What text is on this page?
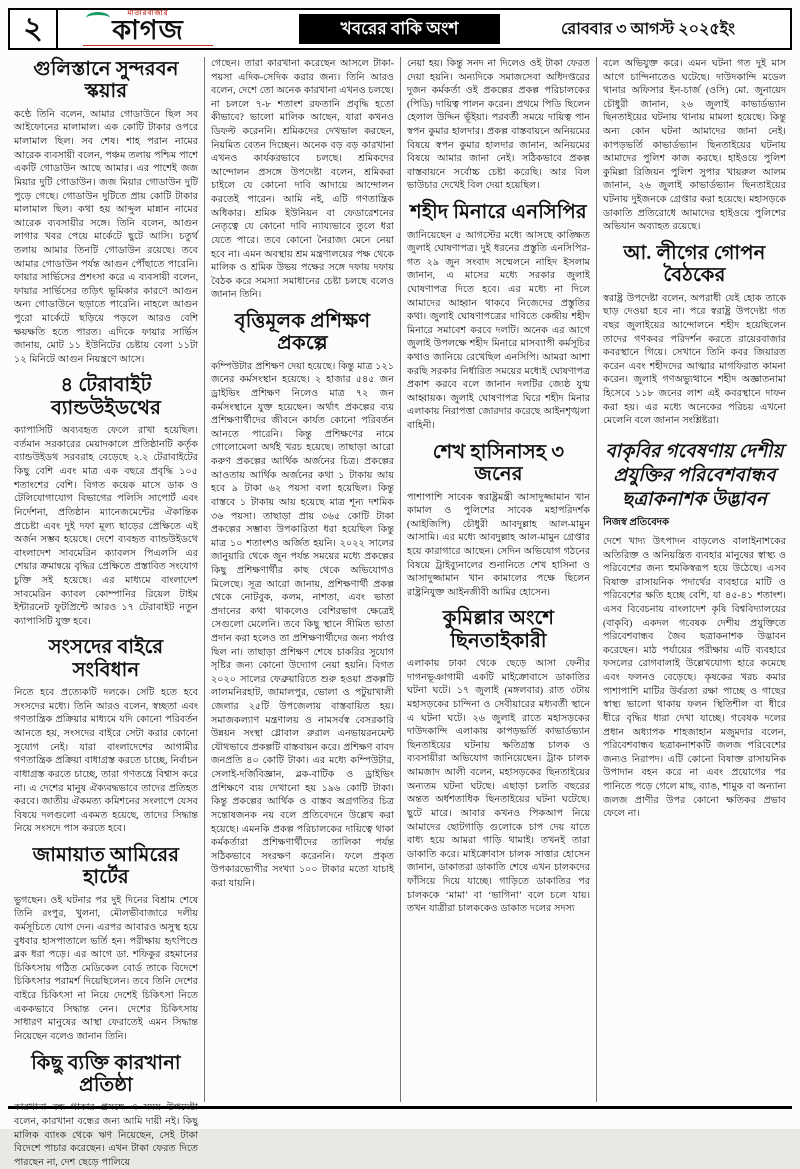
২	মাতারবাজার
কাগজ	খবরের বাকি অংশ	রোববার ৩ আগস্ট ২০২৫ইং
গুলিস্তানে সুন্দরবন স্কয়ার
কণ্ঠে তিনি বলেন, আমার গোডাউনে ছিল সব আইফোনের মালামাল। এক কোটি টাকার ওপরে মালামাল ছিল। সব শেষ। শাহ পরান নামের আরেক ব্যবসায়ী বলেন, পঞ্চম তলায় পশ্চিম পাশে একটি গোডাউন আছে আমার। এর পাশেই জজ মিয়ার দুটি গোডাউন। জজ মিয়ার গোডাউন দুটি পুড়ে গেছে। গোডাউন দুটিতে প্রায় কোটি টাকার মালামাল ছিল। কথা হয় আব্দুল মান্নান নামের আরেক ব্যবসায়ীর সঙ্গে। তিনি বলেন, আগুন লাগার খবর পেয়ে মার্কেটে ছুটে আসি। চতুর্থ তলায় আমার তিনটি গোডাউন রয়েছে। তবে আমার গোডাউন পর্যন্ত আগুন পৌঁছাতে পারেনি। ফায়ার সার্ভিসের প্রশংসা করে এ ব্যবসায়ী বলেন, ফায়ার সার্ভিসের তড়িৎ ভূমিকার কারণে আগুন অন্য গোডাউনে ছড়াতে পারেনি। নাহলে আগুন পুরো মার্কেটে ছড়িয়ে পড়লে আরও বেশি ক্ষয়ক্ষতি হতে পারত। এদিকে ফায়ার সার্ভিস জানায়, মোট ১১ ইউনিটের চেষ্টায় বেলা ১১টা ১২ মিনিটে আগুন নিয়ন্ত্রণে আসে।
৪ টেরাবাইট ব্যান্ডউইডথের
ক্যাপাসিটি অব্যবহৃত ফেলে রাখা হয়েছিল। বর্তমান সরকারের মেয়াদকালে প্রতিষ্ঠানটি কর্তৃক ব্যান্ডউইডথ সরবরাহ বেড়েছে ২.২ টেরাবাইটের কিছু বেশি এবং মাত্র এক বছরে প্রবৃদ্ধি ১০৫ শতাংশের বেশি। বিগত কয়েক মাসে ডাক ও টেলিযোগাযোগ বিভাগের পলিসি সাপোর্ট এবং নির্দেশনা, প্রতিষ্ঠান ম্যানেজমেন্টের ঐকান্তিক প্রচেষ্টা এবং দুই দফা মূল্য ছাড়ের প্রেক্ষিতে এই অর্জন সম্ভব হয়েছে। দেশে ব্যবহৃত ব্যান্ডউইডথে বাংলাদেশ সাবমেরিন ক্যাবলস পিএলসি এর শেয়ার ক্রমান্বয়ে বৃদ্ধির প্রেক্ষিতে প্রস্তাবিত সংযোগ চুক্তি সই হয়েছে। এর মাধ্যমে বাংলাদেশ সাবমেরিন ক্যাবল কোম্পানির রিয়েল টাইম ইন্টারনেট ফুটপ্রিন্টে আরও ১৭ টেরাবাইট নতুন ক্যাপাসিটি যুক্ত হবে।
সংসদের বাইরে সংবিধান
নিতে হবে প্রত্যেকটি দলকে। সেটি হতে হবে সংসদের মধ্যে। তিনি আরও বলেন, স্বচ্ছতা এবং গণতান্ত্রিক প্রক্রিয়ার মাধ্যমে যদি কোনো পরিবর্তন আনতে হয়, সংসদের বাইরে সেটা করার কোনো সুযোগ নেই। যারা বাংলাদেশের আগামীর গণতান্ত্রিক প্রক্রিয়া বাধাগ্রস্ত করতে চাচ্ছে, নির্বাচন বাধাগ্রস্ত করতে চাচ্ছে, তারা গণতন্ত্রে বিশ্বাস করে না। এ দেশের মানুষ ঐক্যবদ্ধভাবে তাদের প্রতিহত করবে। জাতীয় ঐকমত্য কমিশনের সংলাপে যেসব বিষয়ে দলগুলো একমত হয়েছে, তাদের সিদ্ধান্ত নিয়ে সংসদে পাস করতে হবে।
জামায়াত আমিরের হার্টের
ভুগছেন। ওই ঘটনার পর দুই দিনের বিশ্রাম শেষে তিনি রংপুর, খুলনা, মৌলভীবাজারে দলীয় কর্মসূচিতে যোগ দেন। এরপর আবারও অসুস্থ হয়ে বুধবার হাসপাতালে ভর্তি হন। পরীক্ষায় হৃৎপিণ্ডে ব্লক ধরা পড়ে। এর আগে ডা. শফিকুর রহমানের চিকিৎসায় গঠিত মেডিকেল বোর্ড তাকে বিদেশে চিকিৎসার পরামর্শ দিয়েছিলেন। তবে তিনি দেশের বাইরে চিকিৎসা না নিয়ে দেশেই চিকিৎসা নিতে এককভাবে সিদ্ধান্ত নেন। দেশের চিকিৎসায় সাধারণ মানুষের আস্থা ফেরাতেই এমন সিদ্ধান্ত নিয়েছেন বলেও জানান তিনি।
কিছু ব্যক্তি কারখানা প্রতিষ্ঠা
কারখানা বন্ধ থাকার প্রসঙ্গে এ সময় উপদেষ্টা বলেন, কারখানা বন্ধের জন্য আমি দায়ী নই। কিছু মালিক ব্যাংক থেকে ঋণ নিয়েছেন, সেই টাকা বিদেশে পাচার করেছেন। এখন টাকা ফেরত দিতে পারছেন না, দেশ ছেড়ে পালিয়ে
গেছেন। তারা কারখানা করেছেন আসলে টাকা-পয়সা এদিক-সেদিক করার জন্য। তিনি আরও বলেন, দেশে তো অনেক কারখানা এখনও চলছে। না চললে ৭-৮ শতাংশ রফতানি প্রবৃদ্ধি হতো কীভাবে? ভালো মালিক আছেন, যারা কখনও ডিফল্ট করেননি। শ্রমিকদের দেখভাল করছেন, নিয়মিত বেতন দিচ্ছেন। অনেক বড় বড় কারখানা এখনও কার্যকরভাবে চলছে। শ্রমিকদের আন্দোলন প্রসঙ্গে উপদেষ্টা বলেন, শ্রমিকরা চাইলে যে কোনো দাবি আদায়ে আন্দোলন করতেই পারেন। আমি নই, এটি গণতান্ত্রিক অধিকার। শ্রমিক ইউনিয়ন বা ফেডারেশনের নেতৃত্বে যে কোনো দাবি ন্যায্যভাবে তুলে ধরা যেতে পারে। তবে কোনো নৈরাজ্য মেনে নেয়া হবে না। এমন অবস্থায় শ্রম মন্ত্রণালয়ের পক্ষ থেকে মালিক ও শ্রমিক উভয় পক্ষের সঙ্গে দফায় দফায় বৈঠক করে সমস্যা সমাধানের চেষ্টা চলছে বলেও জানান তিনি।
বৃত্তিমূলক প্রশিক্ষণ প্রকল্পে
কম্পিউটার প্রশিক্ষণ দেয়া হয়েছে। কিন্তু মাত্র ১২১ জনের কর্মসংস্থান হয়েছে। ২ হাজার ৫৪৫ জন ড্রাইভিং প্রশিক্ষণ নিলেও মাত্র ৭২ জন কর্মসংস্থানে যুক্ত হয়েছেন। অর্থাৎ প্রকল্পের ব্যয় প্রশিক্ষণার্থীদের জীবনে কার্যত কোনো পরিবর্তন আনতে পারেনি। কিন্তু প্রশিক্ষণের নামে গোলোমেলা অর্থই খরচ হয়েছে। তাছাড়া আরো করুণ প্রকল্পের আর্থিক অর্জনের চিত্র। প্রকল্পের আওতায় আর্থিক অর্জনের কথা ১ টাকায় আয় হবে ৯ টাকা ৬২ পয়সা বলা হয়েছিল। কিন্তু বাস্তবে ১ টাকায় আয় হয়েছে মাত্র শূন্য দশমিক ৩৬ পয়সা। তাছাড়া প্রায় ৩৬৫ কোটি টাকা প্রকল্পের সম্ভাব্য উপকারিতা ধরা হয়েছিল কিন্তু মাত্র ১০ শতাংশও অর্জিত হয়নি। ২০২২ সালের জানুয়ারি থেকে জুন পর্যন্ত সময়ের মধ্যে প্রকল্পের কিছু প্রশিক্ষণার্থীর কাছ থেকে অভিযোগও মিলেছে। সূত্র আরো জানায়, প্রশিক্ষণার্থী প্রকল্প থেকে নোটবুক, কলম, নাশতা, এবং ভাতা প্রদানের কথা থাকলেও বেশিরভাগ ক্ষেত্রেই সেগুলো মেলেনি। তবে কিছু স্থানে সীমিত ভাতা প্রদান করা হলেও তা প্রশিক্ষণার্থীদের জন্য পর্যাপ্ত ছিল না। তাছাড়া প্রশিক্ষণ শেষে চাকরির সুযোগ সৃষ্টির জন্য কোনো উদ্যোগ নেয়া হয়নি। বিগত ২০২০ সালের ফেব্রুয়ারিতে শুরু হওয়া প্রকল্পটি লালমনিরহাট, জামালপুর, ভোলা ও পটুয়াখালী জেলার ২৫টি উপজেলায় বাস্তবায়িত হয়। সমাজকল্যাণ মন্ত্রণালয় ও নামসর্বস্ব বেসরকারি উন্নয়ন সংস্থা গ্লোবাল রুরাল এনভায়রনমেন্ট যৌথভাবে প্রকল্পটি বাস্তবায়ন করে। প্রশিক্ষণ বাবদ জনপ্রতি ৪০ কোটি টাকা। এর মধ্যে কম্পিউটার, সেলাই-দর্জিবিজ্ঞান, ব্লক-বাটিক ও ড্রাইভিং প্রশিক্ষণে ব্যয় দেখানো হয় ১৯৬ কোটি টাকা। কিন্তু প্রকল্পের আর্থিক ও বাস্তব অগ্রগতির চিত্র সন্তোষজনক নয় বলে প্রতিবেদনে উল্লেখ করা হয়েছে। এমনকি প্রকল্প পরিচালকের দায়িত্বে থাকা কর্মকর্তারা প্রশিক্ষণার্থীদের তালিকা পর্যন্ত সঠিকভাবে সংরক্ষণ করেননি। ফলে প্রকৃত উপকারভোগীর সংখ্যা ১০০ টাকার মতো যাচাই করা যায়নি।
নেয়া হয়। কিন্তু সনদ না দিলেও ওই টাকা ফেরত দেয়া হয়নি। অন্যদিকে সমাজসেবা অধিদপ্তরের দুজন কর্মকর্তা ওই প্রকল্পের প্রকল্প পরিচালকের (পিডি) দায়িত্ব পালন করেন। প্রথমে পিডি ছিলেন হেলাল উদ্দিন ভূঁইয়া। পরবর্তী সময়ে দায়িত্ব পান স্বপন কুমার হালদার। প্রকল্প বাস্তবায়নে অনিয়মের বিষয়ে স্বপন কুমার হালদার জানান, অনিয়মের বিষয়ে আমার জানা নেই। সঠিকভাবে প্রকল্প বাস্তবায়নে সর্বোচ্চ চেষ্টা করেছি। আর বিল ভাউচার দেখেই বিল দেয়া হয়েছিল।
শহীদ মিনারে এনসিপির
জানিয়েছেন ৫ আগস্টের মধ্যে আসছে কাঙ্ক্ষিত জুলাই ঘোষণাপত্র। দুই ধরনের প্রস্তুতি এনসিপির- গত ২৯ জুন সংবাদ সম্মেলনে নাহিদ ইসলাম জানান, এ মাসের মধ্যে সরকার জুলাই ঘোষণাপত্র দিতে হবে। এর মধ্যে না দিলে আমাদের আহ্বান থাকবে নিজেদের প্রস্তুতির কথা। জুলাই ঘোষণাপত্রের দাবিতে কেন্দ্রীয় শহীদ মিনারে সমাবেশ করবে দলটি। অনেক এর আগে জুলাই উপলক্ষে শহীদ মিনারে মাসব্যাপী কর্মসূচির কথাও জানিয়ে রেখেছিল এনসিপি। আমরা আশা করছি সরকার নির্ধারিত সময়ের মধ্যেই ঘোষণাপত্র প্রকাশ করবে বলে জানান দলটির জ্যেষ্ঠ যুগ্ম আহ্বায়ক। জুলাই ঘোষণাপত্র ঘিরে শহীদ মিনার এলাকায় নিরাপত্তা জোরদার করেছে আইনশৃঙ্খলা বাহিনী।
শেখ হাসিনাসহ ৩ জনের
পাশাপাশি সাবেক স্বরাষ্ট্রমন্ত্রী আসাদুজ্জামান খান কামাল ও পুলিশের সাবেক মহাপরিদর্শক (আইজিপি) চৌধুরী আবদুল্লাহ আল-মামুন আসামি। এর মধ্যে আবদুল্লাহ আল-মামুন গ্রেপ্তার হয়ে কারাগারে আছেন। সেদিন অভিযোগ গঠনের বিষয়ে ট্রাইব্যুনালের শুনানিতে শেখ হাসিনা ও আসাদুজ্জামান খান কামালের পক্ষে ছিলেন রাষ্ট্রনিযুক্ত আইনজীবী আমির হোসেন।
কুমিল্লার অংশে ছিনতাইকারী
এলাকায় ঢাকা থেকে ছেড়ে আসা ফেনীর দাগনভূঞাগামী একটি মাইক্রোবাসে ডাকাতির ঘটনা ঘটে। ১৭ জুলাই (মঙ্গলবার) রাত ৩টায় মহাসড়কের চান্দিনা ও সেবীয়ারের মধ্যবর্তী স্থানে এ ঘটনা ঘটে। ২৬ জুলাই রাতে মহাসড়কের দাউদকান্দি এলাকায় কাপড়ভর্তি কাভার্ডভ্যান ছিনতাইয়ের ঘটনায় ক্ষতিগ্রস্ত চালক ও ব্যবসায়ীরা অভিযোগ জানিয়েছেন। ট্রাক চালক আমজাদ আলী বলেন, মহাসড়কের ছিনতাইয়ের অন্যতম ঘটনা ঘটছে। এছাড়া চলতি বছরের অন্তত অর্ধশতাধিক ছিনতাইয়ের ঘটনা ঘটেছে। ছুটে মারে। আবার কখনও পিকআপ নিয়ে আমাদের ছোটগাড়ি গুলোকে চাপ দেয় যাতে বাধ্য হয়ে আমরা গাড়ি থামাই। তখনই তারা ডাকাতি করে। মাইক্রোবাস চালক সাত্তার হোসেন জানান, ডাকাতরা ডাকাতি শেষে এখন চালকদের ফাঁসিয়ে দিয়ে যাচ্ছে। গাড়িতে ডাকাতির পর চালককে ‘মামা’ বা ‘ভাগিনা’ বলে চলে যায়। তখন যাত্রীরা চালককেও ডাকাত দলের সদস্য
বলে অভিযুক্ত করে। এমন ঘটনা গত দুই মাস আগে চান্দিনাতেও ঘটেছে। দাউদকান্দি মডেল থানার অফিসার ইন-চার্জ (ওসি) মো. জুনায়েদ চৌধুরী জানান, ২৬ জুলাই কাভার্ডভ্যান ছিনতাইয়ের ঘটনায় থানায় মামলা হয়েছে। কিন্তু অন্য কোন ঘটনা আমাদের জানা নেই। কাপড়ভর্তি কাভার্ডভ্যান ছিনতাইয়ের ঘটনায় আমাদের পুলিশ কাজ করছে। হাইওয়ে পুলিশ কুমিল্লা রিজিয়ন পুলিশ সুপার খায়রুল আলম জানান, ২৬ জুলাই কাভার্ডভ্যান ছিনতাইয়ের ঘটনায় দুইজনকে গ্রেপ্তার করা হয়েছে। মহাসড়কে ডাকাতি প্রতিরোধে আমাদের হাইওয়ে পুলিশের অভিযান অব্যাহত রয়েছে।
আ. লীগের গোপন বৈঠকের
স্বরাষ্ট্র উপদেষ্টা বলেন, অপরাধী যেই হোক তাকে ছাড় দেওয়া হবে না। পরে স্বরাষ্ট্র উপদেষ্টা গত বছর জুলাইয়ের আন্দোলনে শহীদ হয়েছিলেন তাদের গণকবর পরিদর্শন করতে রায়েরবাজার কবরস্থানে গিয়ে। সেখানে তিনি কবর জিয়ারত করেন এবং শহীদদের আত্মার মাগফিরাত কামনা করেন। জুলাই গণঅভ্যুত্থানে শহীদ অজ্ঞাতনামা হিসেবে ১১৮ জনের লাশ এই কবরস্থানে দাফন করা হয়। এর মধ্যে অনেকের পরিচয় এখনো মেলেনি বলে জানান সংশ্লিষ্টরা।
বাকৃবির গবেষণায় দেশীয় প্রযুক্তির পরিবেশবান্ধব ছত্রাকনাশক উদ্ভাবন
নিজস্ব প্রতিবেদক
দেশে খাদ্য উৎপাদন বাড়লেও বালাইনাশকের অতিরিক্ত ও অনিয়ন্ত্রিত ব্যবহার মানুষের স্বাস্থ্য ও পরিবেশের জন্য হুমকিস্বরূপ হয়ে উঠেছে। এসব বিষাক্ত রাসায়নিক পদার্থের ব্যবহারে মাটি ও পরিবেশের ক্ষতি হচ্ছে বেশি, যা ৪৫-৪১ শতাংশ। এসব বিবেচনায় বাংলাদেশ কৃষি বিশ্ববিদ্যালয়ের (বাকৃবি) একদল গবেষক দেশীয় প্রযুক্তিতে পরিবেশবান্ধব জৈব ছত্রাকনাশক উদ্ভাবন করেছেন। মাঠ পর্যায়ের পরীক্ষায় এটি ব্যবহারে ফসলের রোগবালাই উল্লেখযোগ্য হারে কমেছে এবং ফলনও বেড়েছে। কৃষকের খরচ কমার পাশাপাশি মাটির উর্বরতা রক্ষা পাচ্ছে ও গাছের স্বাস্থ্য ভালো থাকায় ফলন স্থিতিশীল বা ধীরে ধীরে বৃদ্ধির ধারা দেখা যাচ্ছে। গবেষক দলের প্রধান অধ্যাপক শাহজাহান মজুমদার বলেন, পরিবেশবান্ধব ছত্রাকনাশকটি জলজ পরিবেশের জন্যও নিরাপদ। এটি কোনো বিষাক্ত রাসায়নিক উপাদান বহন করে না এবং প্রয়োগের পর পানিতে পড়ে গেলে মাছ, ব্যাঙ, শামুক বা অন্যান্য জলজ প্রাণীর উপর কোনো ক্ষতিকর প্রভাব ফেলে না।
